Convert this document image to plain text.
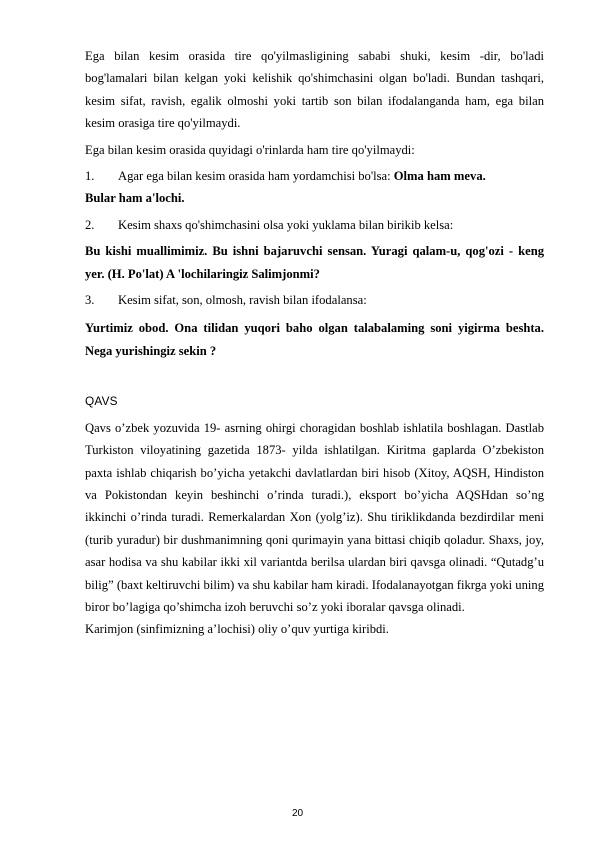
Ega bilan kesim orasida tire qo'yilmasligining sababi shuki, kesim -dir, bo'ladi bog'lamalari bilan kelgan yoki kelishik qo'shimchasini olgan bo'ladi. Bundan tashqari, kesim sifat, ravish, egalik olmoshi yoki tartib son bilan ifodalanganda ham, ega bilan kesim orasiga tire qo'yilmaydi.

Ega bilan kesim orasida quyidagi o'rinlarda ham tire qo'yilmaydi:

1. Agar ega bilan kesim orasida ham yordamchisi bo'lsa: Olma ham meva.

Bular ham a'lochi.

2. Kesim shaxs qo'shimchasini olsa yoki yuklama bilan birikib kelsa:

Bu kishi muallimimiz. Bu ishni bajaruvchi sensan. Yuragi qalam-u, qog'ozi - keng yer. (H. Po'lat) A 'lochilaringiz Salimjonmi?

3. Kesim sifat, son, olmosh, ravish bilan ifodalansa:

Yurtimiz obod. Ona tilidan yuqori baho olgan talabalaming soni yigirma beshta. Nega yurishingiz sekin ?

QAVS

Qavs o’zbek yozuvida 19- asrning ohirgi choragidan boshlab ishlatila boshlagan. Dastlab Turkiston viloyatining gazetida 1873- yilda ishlatilgan. Kiritma gaplarda O’zbekiston paxta ishlab chiqarish bo’yicha yetakchi davlatlardan biri hisob (Xitoy, AQSH, Hindiston va Pokistondan keyin beshinchi o’rinda turadi.), eksport bo’yicha AQSHdan so’ng ikkinchi o’rinda turadi. Remerkalardan Xon (yolg’iz). Shu tiriklikdanda bezdirdilar meni (turib yuradur) bir dushmanimning qoni qurimayin yana bittasi chiqib qoladur. Shaxs, joy, asar hodisa va shu kabilar ikki xil variantda berilsa ulardan biri qavsga olinadi. “Qutadg’u bilig” (baxt keltiruvchi bilim) va shu kabilar ham kiradi. Ifodalanayotgan fikrga yoki uning biror bo’lagiga qo’shimcha izoh beruvchi so’z yoki iboralar qavsga olinadi.

Karimjon (sinfimizning a’lochisi) oliy o’quv yurtiga kiribdi.

20
